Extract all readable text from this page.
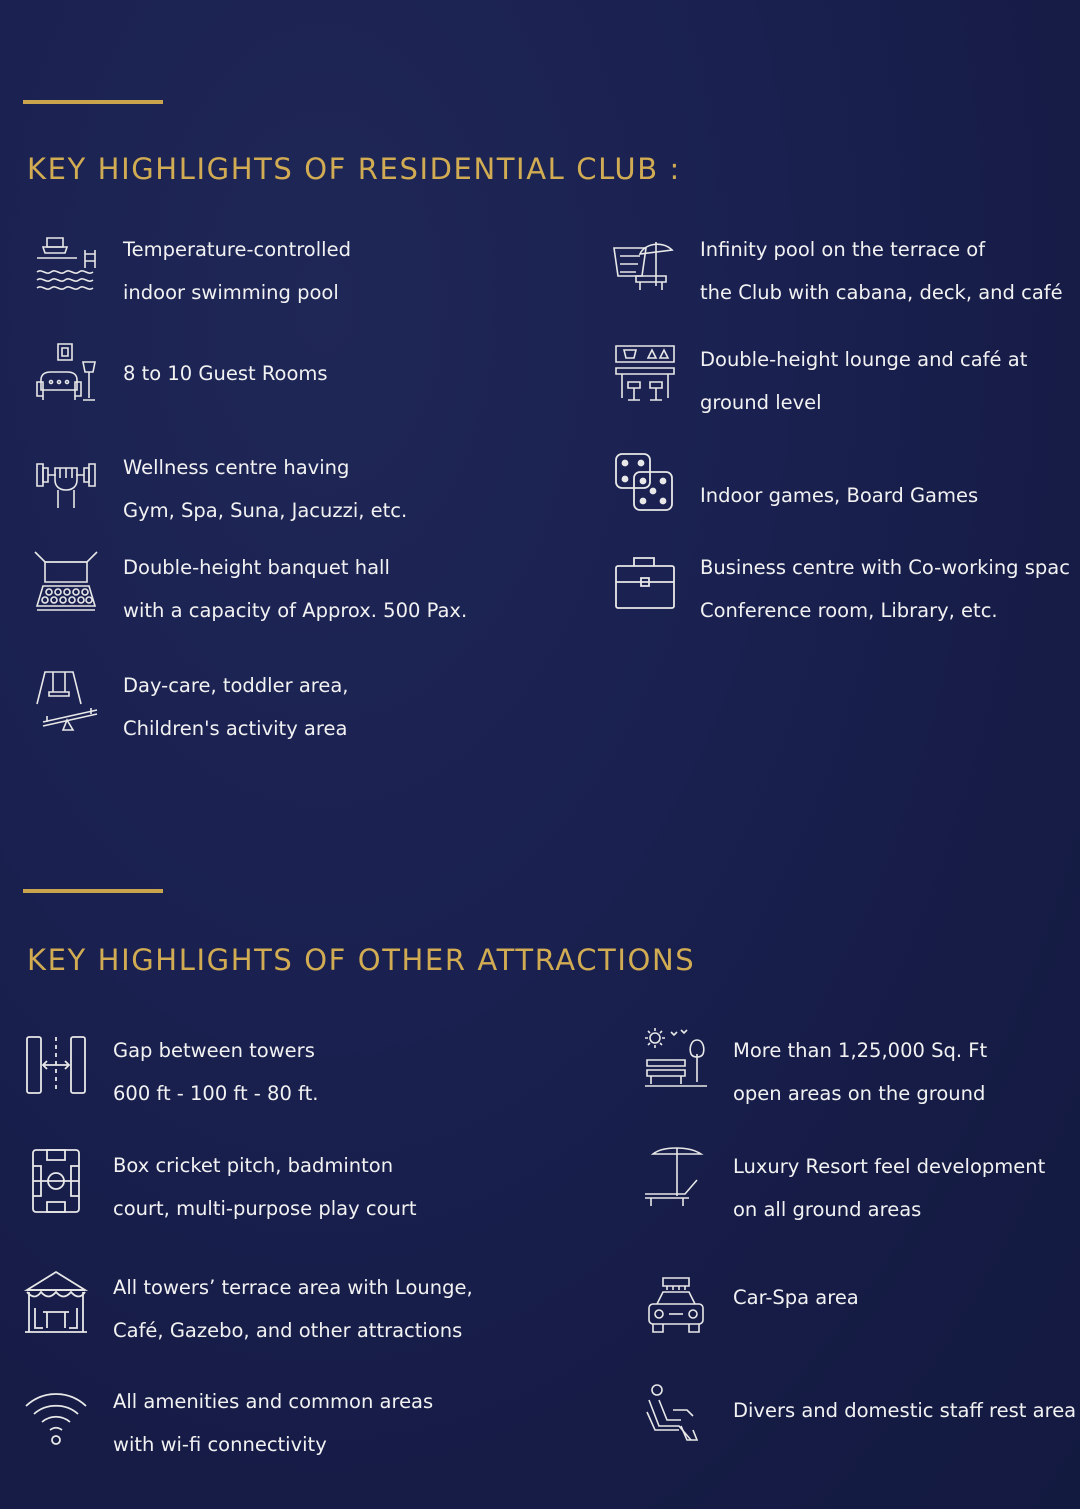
KEY HIGHLIGHTS OF RESIDENTIAL CLUB :
Temperature-controlled
indoor swimming pool
8 to 10 Guest Rooms
Wellness centre having
Gym, Spa, Suna, Jacuzzi, etc.
Double-height banquet hall
with a capacity of Approx. 500 Pax.
Day-care, toddler area,
Children's activity area
Infinity pool on the terrace of
the Club with cabana, deck, and café
Double-height lounge and café at
ground level
Indoor games, Board Games
Business centre with Co-working spac
Conference room, Library, etc.
KEY HIGHLIGHTS OF OTHER ATTRACTIONS
Gap between towers
600 ft - 100 ft - 80 ft.
Box cricket pitch, badminton
court, multi-purpose play court
All towers’ terrace area with Lounge,
Café, Gazebo, and other attractions
All amenities and common areas
with wi-fi connectivity
More than 1,25,000 Sq. Ft
open areas on the ground
Luxury Resort feel development
on all ground areas
Car-Spa area
Divers and domestic staff rest area
